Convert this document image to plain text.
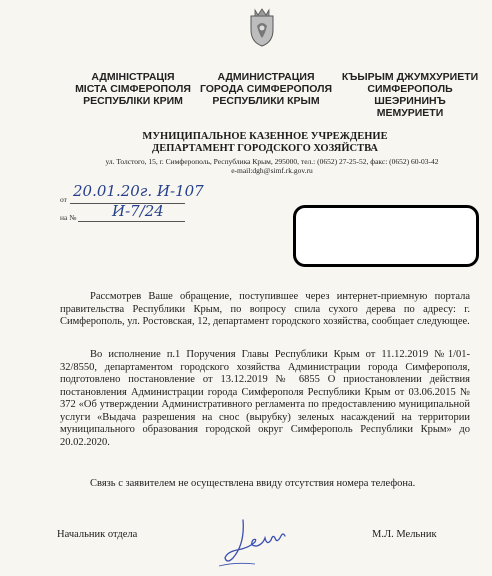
АДМІНІСТРАЦІЯ
МІСТА СІМФЕРОПОЛЯ
РЕСПУБЛІКИ КРИМ
АДМИНИСТРАЦИЯ
ГОРОДА СИМФЕРОПОЛЯ
РЕСПУБЛИКИ КРЫМ
КЪЫРЫМ ДЖУМХУРИЕТИ
СИМФЕРОПОЛЬ
ШЕЭРИНИНЪ
МЕМУРИЕТИ
МУНИЦИПАЛЬНОЕ КАЗЕННОЕ УЧРЕЖДЕНИЕ
ДЕПАРТАМЕНТ ГОРОДСКОГО ХОЗЯЙСТВА
ул. Толстого, 15, г. Симферополь, Республика Крым, 295000, тел.: (0652) 27-25-52, факс: (0652) 60-03-42
e-mail:dgh@simf.rk.gov.ru
от 20.01.20г. И-107
на № И-7/24
Рассмотрев Ваше обращение, поступившее через интернет-приемную портала правительства Республики Крым, по вопросу спила сухого дерева по адресу: г. Симферополь, ул. Ростовская, 12, департамент городского хозяйства, сообщает следующее.
Во исполнение п.1 Поручения Главы Республики Крым от 11.12.2019 №1/01-32/8550, департаментом городского хозяйства Администрации города Симферополя, подготовлено постановление от 13.12.2019 № 6855 О приостановлении действия постановления Администрации города Симферополя Республики Крым от 03.06.2015 № 372 «Об утверждении Административного регламента по предоставлению муниципальной услуги «Выдача разрешения на снос (вырубку) зеленых насаждений на территории муниципального образования городской округ Симферополь Республики Крым» до 20.02.2020.
Связь с заявителем не осуществлена ввиду отсутствия номера телефона.
Начальник отдела	М.Л. Мельник
